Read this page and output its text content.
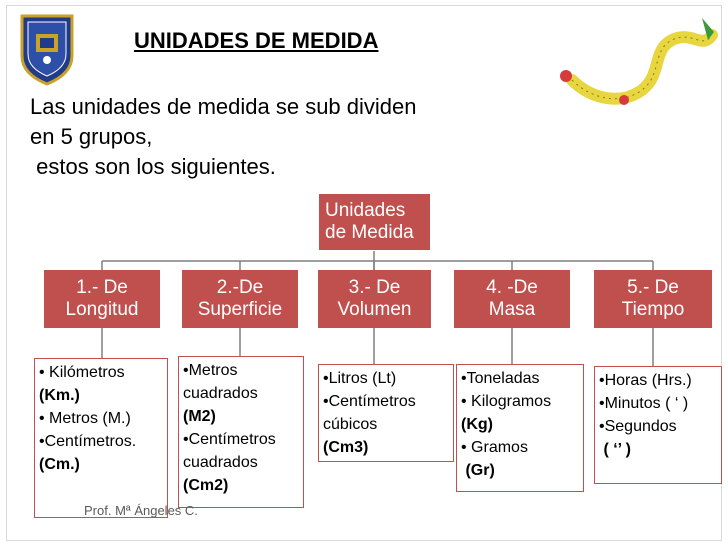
UNIDADES DE MEDIDA
Las unidades de medida se sub dividen
en 5 grupos,
estos son los siguientes.
Unidades
de Medida
1.- De
Longitud
2.-De
Superficie
3.- De
Volumen
4. -De
Masa
5.- De
Tiempo
• Kilómetros
(Km.)
• Metros (M.)
•Centímetros.
(Cm.)
•Metros
cuadrados
(M2)
•Centímetros
cuadrados
(Cm2)
•Litros (Lt)
•Centímetros
cúbicos
(Cm3)
•Toneladas
• Kilogramos
(Kg)
• Gramos
(Gr)
•Horas (Hrs.)
•Minutos ( ‘ )
•Segundos
( ‘’ )
Prof. Mª Ángeles C.
